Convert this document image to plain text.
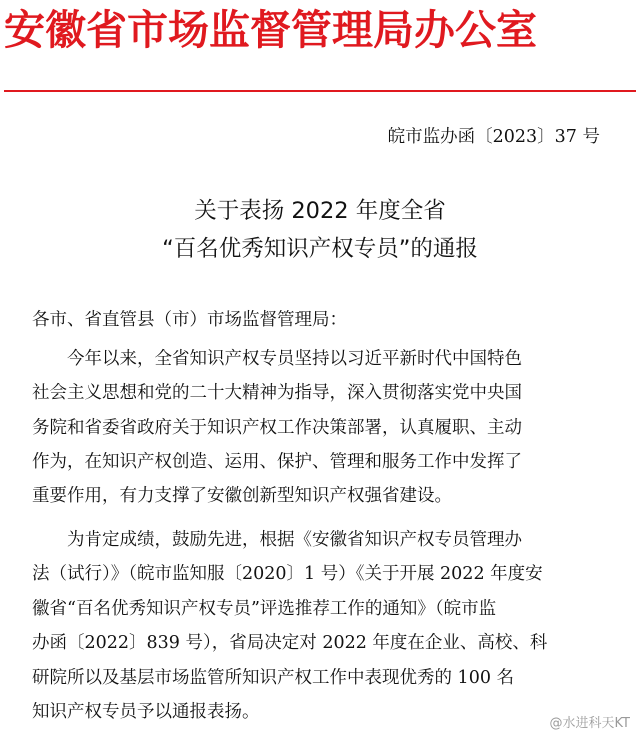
安徽省市场监督管理局办公室
皖市监办函〔2023〕37 号
关于表扬 2022 年度全省
“百名优秀知识产权专员”的通报
各市、省直管县（市）市场监督管理局：
今年以来，全省知识产权专员坚持以习近平新时代中国特色
社会主义思想和党的二十大精神为指导，深入贯彻落实党中央国
务院和省委省政府关于知识产权工作决策部署，认真履职、主动
作为，在知识产权创造、运用、保护、管理和服务工作中发挥了
重要作用，有力支撑了安徽创新型知识产权强省建设。
为肯定成绩，鼓励先进，根据《安徽省知识产权专员管理办
法（试行）》（皖市监知服〔2020〕1 号）《关于开展 2022 年度安
徽省“百名优秀知识产权专员”评选推荐工作的通知》（皖市监
办函〔2022〕839 号），省局决定对 2022 年度在企业、高校、科
研院所以及基层市场监管所知识产权工作中表现优秀的 100 名
知识产权专员予以通报表扬。
@水进科天KT
